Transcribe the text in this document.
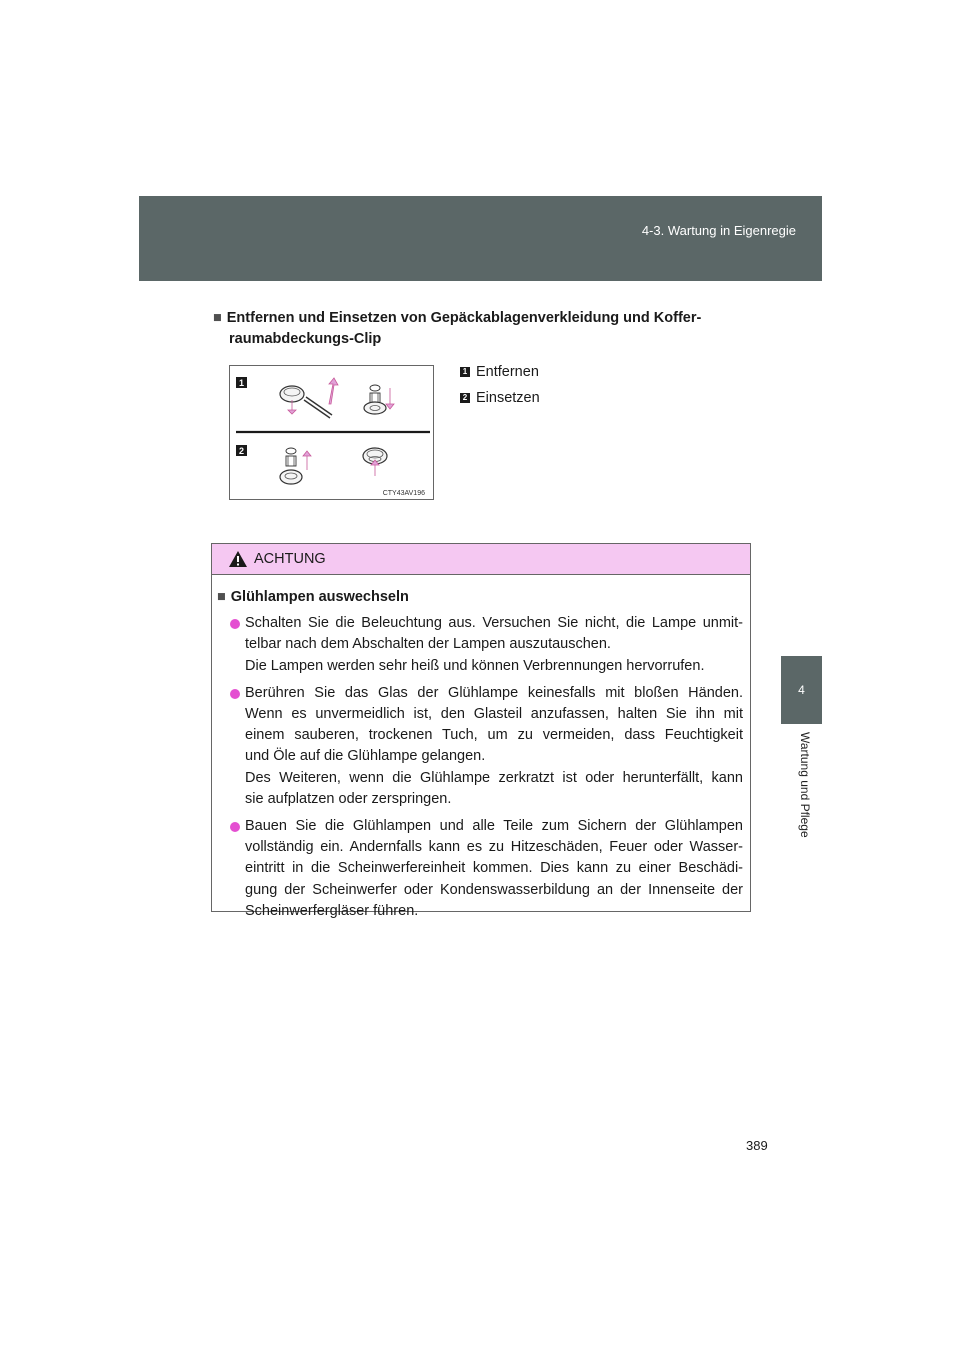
4-3. Wartung in Eigenregie
4
Wartung und Pflege
■ Entfernen und Einsetzen von Gepäckablagenverkleidung und Koffer-
raumabdeckungs-Clip
1
2
CTY43AV196
1 Entfernen
2 Einsetzen
ACHTUNG
■ Glühlampen auswechseln
Schalten Sie die Beleuchtung aus. Versuchen Sie nicht, die Lampe unmit-
telbar nach dem Abschalten der Lampen auszutauschen.
Die Lampen werden sehr heiß und können Verbrennungen hervorrufen.
Berühren Sie das Glas der Glühlampe keinesfalls mit bloßen Händen.
Wenn es unvermeidlich ist, den Glasteil anzufassen, halten Sie ihn mit
einem sauberen, trockenen Tuch, um zu vermeiden, dass Feuchtigkeit
und Öle auf die Glühlampe gelangen.
Des Weiteren, wenn die Glühlampe zerkratzt ist oder herunterfällt, kann
sie aufplatzen oder zerspringen.
Bauen Sie die Glühlampen und alle Teile zum Sichern der Glühlampen
vollständig ein. Andernfalls kann es zu Hitzeschäden, Feuer oder Wasser-
eintritt in die Scheinwerfereinheit kommen. Dies kann zu einer Beschädi-
gung der Scheinwerfer oder Kondenswasserbildung an der Innenseite der
Scheinwerfergläser führen.
389
